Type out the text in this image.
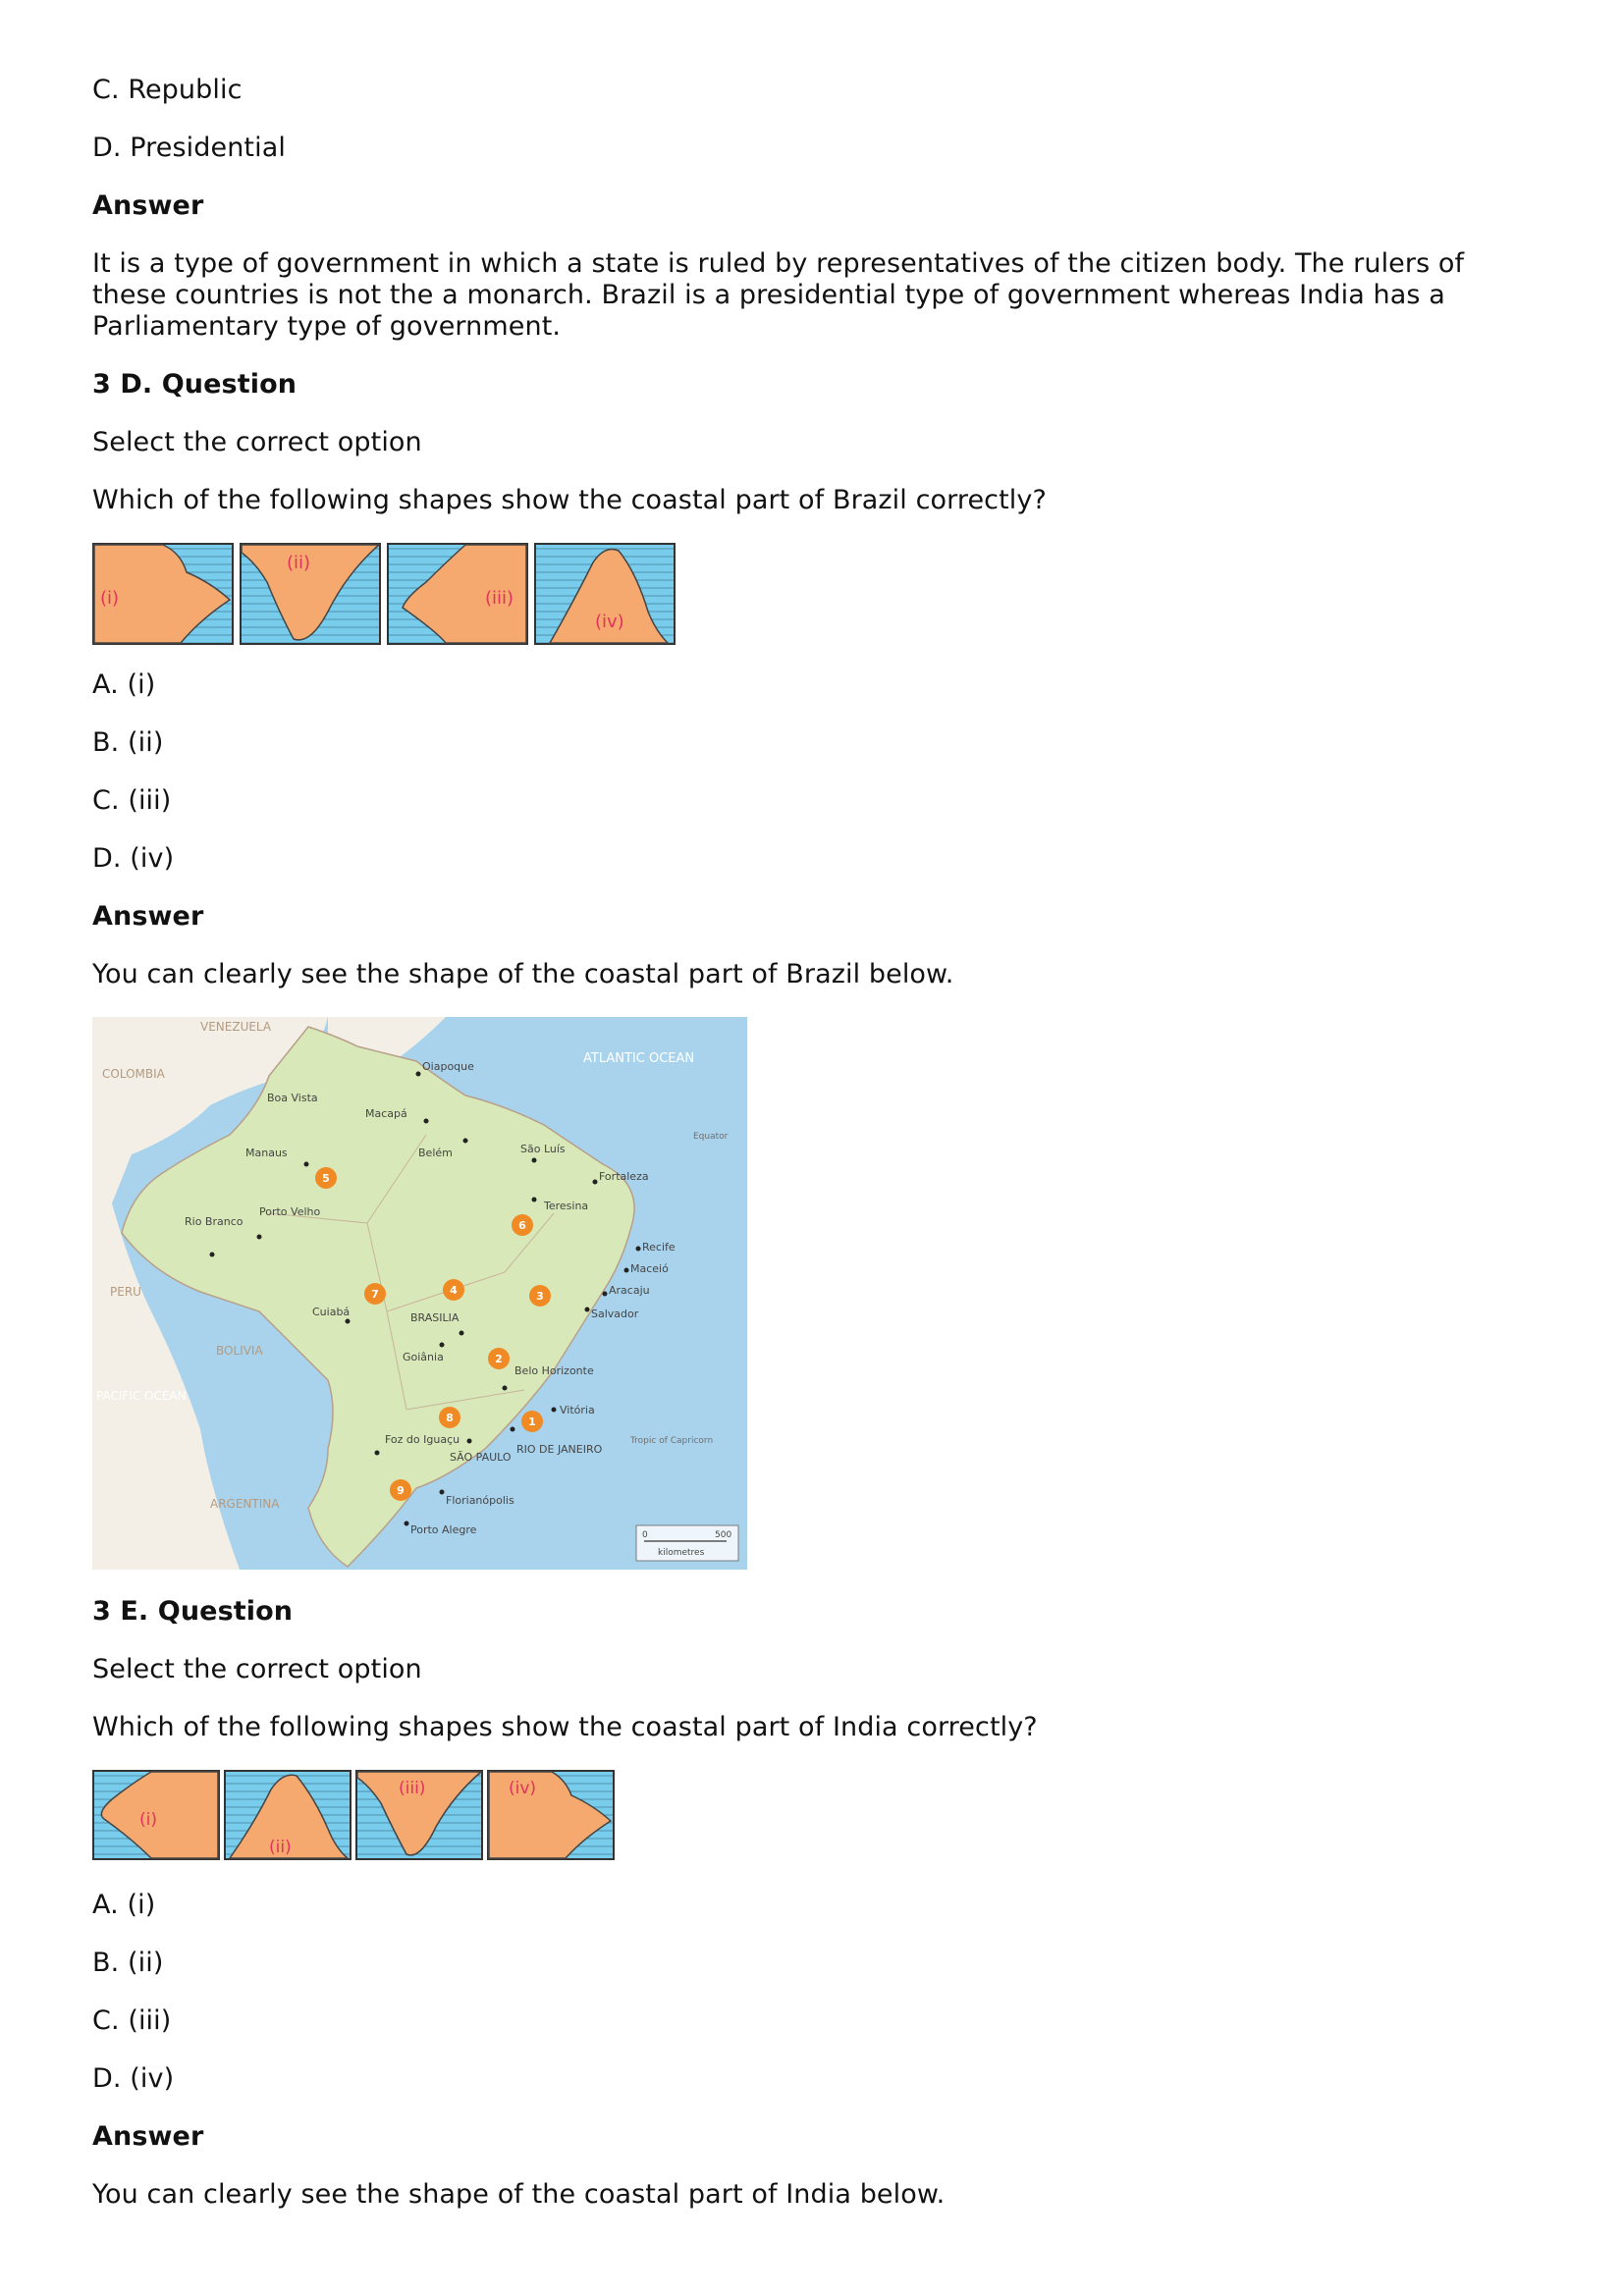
C. Republic

D. Presidential

Answer

It is a type of government in which a state is ruled by representatives of the citizen body. The rulers of these countries is not the a monarch. Brazil is a presidential type of government whereas India has a Parliamentary type of government.

3 D. Question

Select the correct option

Which of the following shapes show the coastal part of Brazil correctly?

(i)
(ii)
(iii)
(iv)

A. (i)

B. (ii)

C. (iii)

D. (iv)

Answer

You can clearly see the shape of the coastal part of Brazil below.

VENEZUELA
COLOMBIA
PERU
BOLIVIA
ARGENTINA
ATLANTIC OCEAN
PACIFIC OCEAN
Equator
Tropic of Capricorn
Oiapoque
Boa Vista
Macapá
Manaus	Belém	São Luís
Fortaleza
Teresina
Porto Velho
Rio Branco
Recife
Maceió
Aracaju
Salvador
Cuiabá	BRASILIA
Goiânia
Belo Horizonte
Vitória
Foz do Iguaçu
SÃO PAULO
RIO DE JANEIRO
Florianópolis
Porto Alegre
5
6
7	4	3
2
8	1
9
0	500
kilometres

3 E. Question

Select the correct option

Which of the following shapes show the coastal part of India correctly?

(i)
(ii)
(iii)	(iv)

A. (i)

B. (ii)

C. (iii)

D. (iv)

Answer

You can clearly see the shape of the coastal part of India below.
